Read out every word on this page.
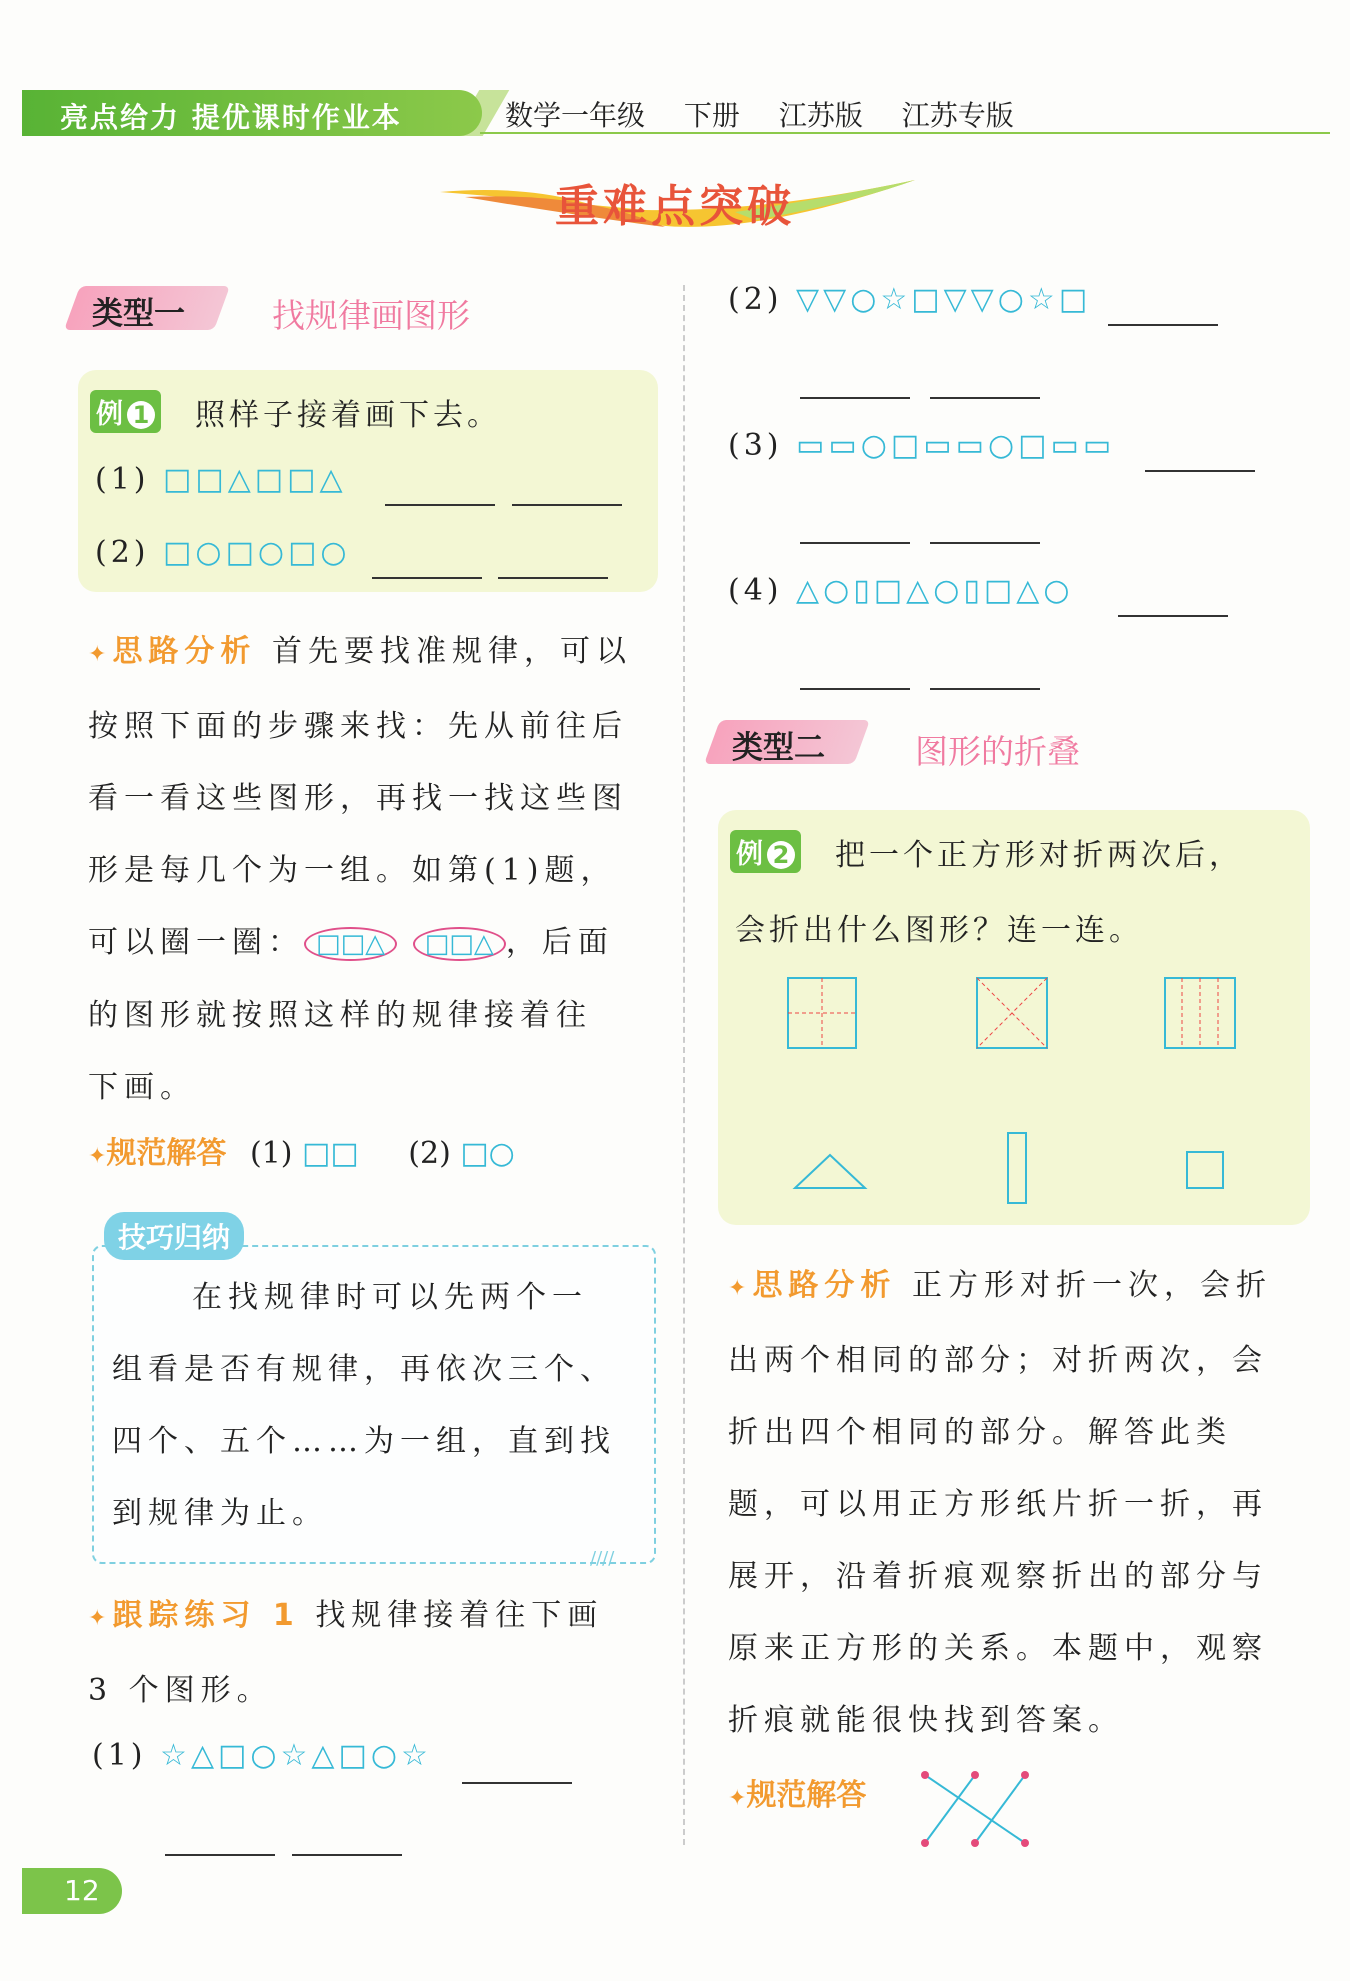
亮点给力 提优课时作业本	数学一年级 下册 江苏版 江苏专版
重难点突破
类型一	找规律画图形
例 1	照样子接着画下去。
(1) □□△□□△
(2) □○□○□○
✦思路分析 首先要找准规律，可以
按照下面的步骤来找：先从前往后
看一看这些图形，再找一找这些图
形是每几个为一组。如第(1)题，
可以圈一圈： □□△ □□△ ，后面
的图形就按照这样的规律接着往
下画。
✦规范解答 (1) □□ (2) □○
技巧归纳
在找规律时可以先两个一
组看是否有规律，再依次三个、
四个、五个……为一组，直到找
到规律为止。
////
✦跟踪练习 1 找规律接着往下画
3 个图形。
(1) ☆△□○☆△□○☆
(2) ▽▽○☆□▽▽○☆□
(3) ▭▭○□▭▭○□▭▭
(4) △○▯□△○▯□△○
类型二	图形的折叠
例 2	把一个正方形对折两次后，
会折出什么图形？连一连。
✦思路分析 正方形对折一次，会折
出两个相同的部分；对折两次，会
折出四个相同的部分。解答此类
题，可以用正方形纸片折一折，再
展开，沿着折痕观察折出的部分与
原来正方形的关系。本题中，观察
折痕就能很快找到答案。
✦规范解答
12
